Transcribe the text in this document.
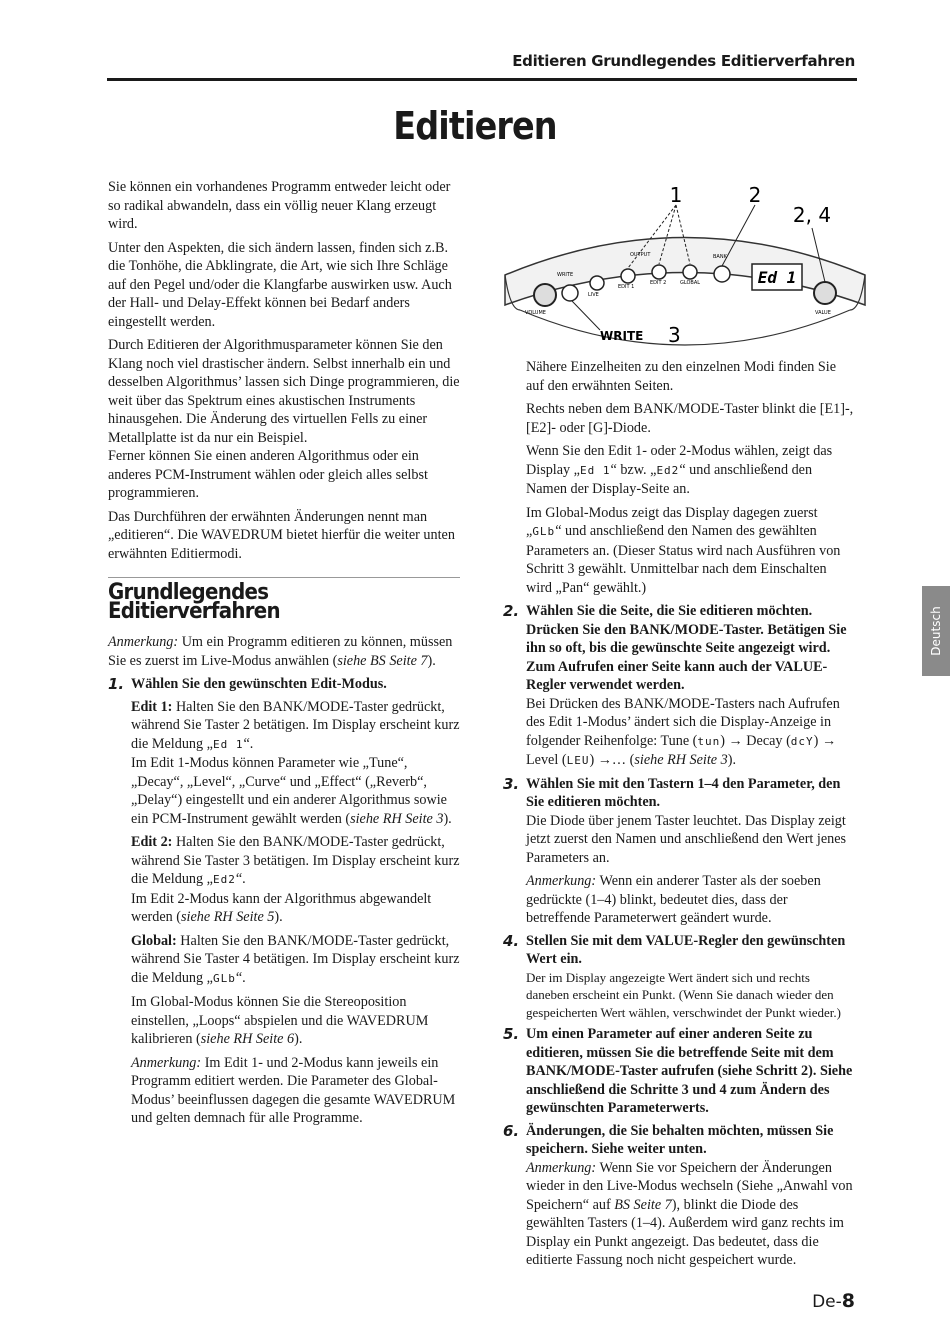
Editieren Grundlegendes Editierverfahren
Editieren

Sie können ein vorhandenes Programm entweder leicht oder so radikal abwandeln, dass ein völlig neuer Klang erzeugt wird.

Unter den Aspekten, die sich ändern lassen, finden sich z.B. die Tonhöhe, die Abklingrate, die Art, wie sich Ihre Schläge auf den Pegel und/oder die Klangfarbe auswirken usw. Auch der Hall- und Delay-Effekt können bei Bedarf anders eingestellt werden.

Durch Editieren der Algorithmusparameter können Sie den Klang noch viel drastischer ändern. Selbst innerhalb ein und desselben Algorithmus’ lassen sich Dinge programmieren, die weit über das Spektrum eines akustischen Instruments hinausgehen. Die Änderung des virtuellen Fells zu einer Metallplatte ist da nur ein Beispiel.

Ferner können Sie einen anderen Algorithmus oder ein anderes PCM-Instrument wählen oder gleich alles selbst programmieren.

Das Durchführen der erwähnten Änderungen nennt man „editieren“. Die WAVEDRUM bietet hierfür die weiter unten erwähnten Editiermodi.

Grundlegendes Editierverfahren

Anmerkung: Um ein Programm editieren zu können, müssen Sie es zuerst im Live-Modus anwählen (siehe BS Seite 7).

1. Wählen Sie den gewünschten Edit-Modus.

Edit 1: Halten Sie den BANK/MODE-Taster gedrückt, während Sie Taster 2 betätigen. Im Display erscheint kurz die Meldung „Ed 1“.
Im Edit 1-Modus können Parameter wie „Tune“, „Decay“, „Level“, „Curve“ und „Effect“ („Reverb“, „Delay“) eingestellt und ein anderer Algorithmus sowie ein PCM-Instrument gewählt werden (siehe RH Seite 3).

Edit 2: Halten Sie den BANK/MODE-Taster gedrückt, während Sie Taster 3 betätigen. Im Display erscheint kurz die Meldung „Ed2“.
Im Edit 2-Modus kann der Algorithmus abgewandelt werden (siehe RH Seite 5).

Global: Halten Sie den BANK/MODE-Taster gedrückt, während Sie Taster 4 betätigen. Im Display erscheint kurz die Meldung „GLb“.

Im Global-Modus können Sie die Stereoposition einstellen, „Loops“ abspielen und die WAVEDRUM kalibrieren (siehe RH Seite 6).

Anmerkung: Im Edit 1- und 2-Modus kann jeweils ein Programm editiert werden. Die Parameter des Global-Modus’ beeinflussen dagegen die gesamte WAVEDRUM und gelten demnach für alle Programme.

Ed 1
1	2
2, 4
WRITE 3
VOLUME	VALUE
WRITE
BANK
OUTPUT
EDIT 1
EDIT 2	GLOBAL
LIVE

Nähere Einzelheiten zu den einzelnen Modi finden Sie auf den erwähnten Seiten.

Rechts neben dem BANK/MODE-Taster blinkt die [E1]-, [E2]- oder [G]-Diode.

Wenn Sie den Edit 1- oder 2-Modus wählen, zeigt das Display „Ed 1“ bzw. „Ed2“ und anschließend den Namen der Display-Seite an.

Im Global-Modus zeigt das Display dagegen zuerst „GLb“ und anschließend den Namen des gewählten Parameters an. (Dieser Status wird nach Ausführen von Schritt 3 gewählt. Unmittelbar nach dem Einschalten wird „Pan“ gewählt.)

2. Wählen Sie die Seite, die Sie editieren möchten. Drücken Sie den BANK/MODE-Taster. Betätigen Sie ihn so oft, bis die gewünschte Seite angezeigt wird. Zum Aufrufen einer Seite kann auch der VALUE-Regler verwendet werden.
Bei Drücken des BANK/MODE-Tasters nach Aufrufen des Edit 1-Modus’ ändert sich die Display-Anzeige in folgender Reihenfolge: Tune (tun) → Decay (dcY) → Level (LEU) →… (siehe RH Seite 3).
3. Wählen Sie mit den Tastern 1–4 den Parameter, den Sie editieren möchten.
Die Diode über jenem Taster leuchtet. Das Display zeigt jetzt zuerst den Namen und anschließend den Wert jenes Parameters an.
Anmerkung: Wenn ein anderer Taster als der soeben gedrückte (1–4) blinkt, bedeutet dies, dass der betreffende Parameterwert geändert wurde.
4. Stellen Sie mit dem VALUE-Regler den gewünschten Wert ein.
Der im Display angezeigte Wert ändert sich und rechts daneben erscheint ein Punkt. (Wenn Sie danach wieder den gespeicherten Wert wählen, verschwindet der Punkt wieder.)
5. Um einen Parameter auf einer anderen Seite zu editieren, müssen Sie die betreffende Seite mit dem BANK/MODE-Taster aufrufen (siehe Schritt 2). Siehe anschließend die Schritte 3 und 4 zum Ändern des gewünschten Parameterwerts.
6. Änderungen, die Sie behalten möchten, müssen Sie speichern. Siehe weiter unten.
Anmerkung: Wenn Sie vor Speichern der Änderungen wieder in den Live-Modus wechseln (Siehe „Anwahl von Speichern“ auf BS Seite 7), blinkt die Diode des gewählten Tasters (1–4). Außerdem wird ganz rechts im Display ein Punkt angezeigt. Das bedeutet, dass die editierte Fassung noch nicht gespeichert wurde.
Deutsch
De-8
